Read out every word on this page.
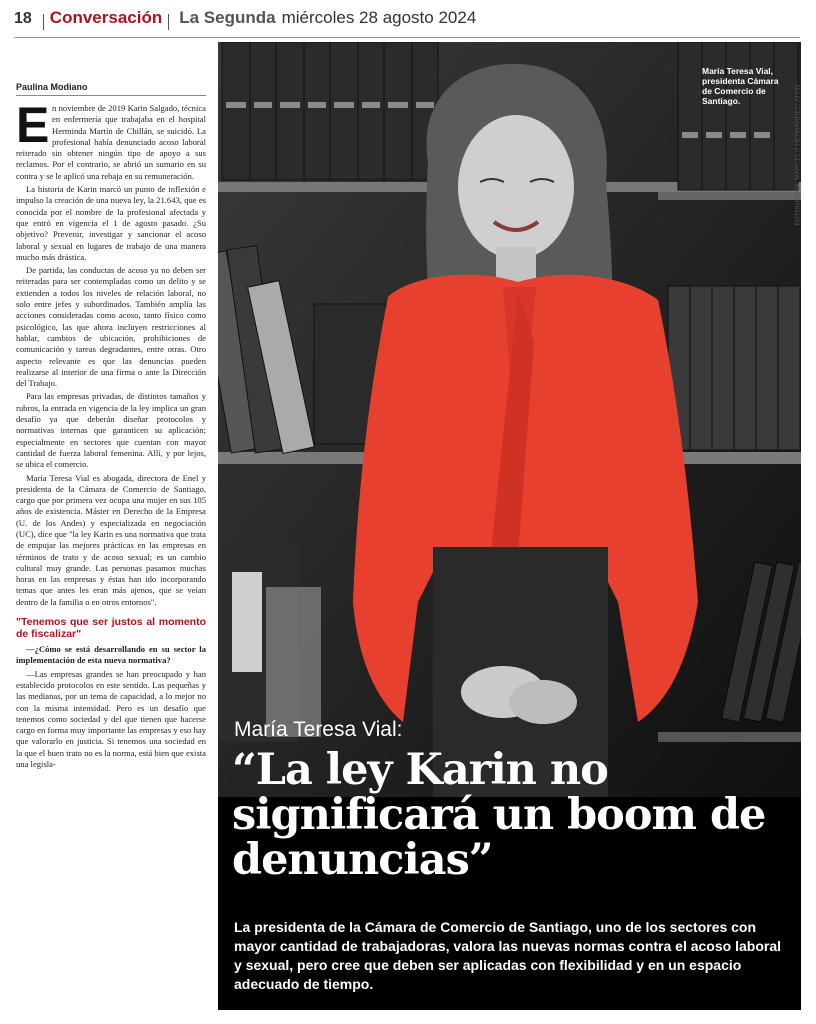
18 Conversación La Segunda miércoles 28 agosto 2024
Paulina Modiano

E n noviembre de 2019 Karin Salgado, técnica en enfermería que trabajaba en el hospital Herminda Martín de Chillán, se suicidó. La profesional había denunciado acoso laboral reiterado sin obtener ningún tipo de apoyo a sus reclamos. Por el contrario, se abrió un sumario en su contra y se le aplicó una rebaja en su remuneración.

La historia de Karin marcó un punto de inflexión e impulso la creación de una nueva ley, la 21.643, que es conocida por el nombre de la profesional afectada y que entró en vigencia el 1 de agosto pasado. ¿Su objetivo? Prevenir, investigar y sancionar el acoso laboral y sexual en lugares de trabajo de una manera mucho más drástica.

De partida, las conductas de acoso ya no deben ser reiteradas para ser contempladas como un delito y se extienden a todos los niveles de relación laboral, no solo entre jefes y subordinados. También amplía las acciones consideradas como acoso, tanto físico como psicológico, las que ahora incluyen restricciones al hablar, cambios de ubicación, prohibiciones de comunicación y tareas degradantes, entre otras. Otro aspecto relevante es que las denuncias pueden realizarse al interior de una firma o ante la Dirección del Trabajo.

Para las empresas privadas, de distintos tamaños y rubros, la entrada en vigencia de la ley implica un gran desafío ya que deberán diseñar protocolos y normativas internas que garanticen su aplicación; especialmente en sectores que cuentan con mayor cantidad de fuerza laboral femenina. Allí, y por lejos, se ubica el comercio.

María Teresa Vial es abogada, directora de Enel y presidenta de la Cámara de Comercio de Santiago, cargo que por primera vez ocupa una mujer en sus 105 años de existencia. Máster en Derecho de la Empresa (U. de los Andes) y especializada en negociación (UC), dice que "la ley Karin es una normativa que trata de empujar las mejores prácticas en las empresas en términos de trato y de acoso sexual; es un cambio cultural muy grande. Las personas pasamos muchas horas en las empresas y éstas han ido incorporando temas que antes les eran más ajenos, que se veían dentro de la familia o en otros entornos".

"Tenemos que ser justos al momento de fiscalizar"

—¿Cómo se está desarrollando en su sector la implementación de esta nueva normativa?

—Las empresas grandes se han preocupado y han establecido protocolos en este sentido. Las pequeñas y las medianas, por un tema de capacidad, a lo mejor no con la misma intensidad. Pero es un desafío que tenemos como sociedad y del que tienen que hacerse cargo en forma muy importante las empresas y eso hay que valorarlo en justicia. Si tenemos una sociedad en la que el buen trato no es la norma, está bien que exista una legisla-

María Teresa Vial, presidenta Cámara de Comercio de Santiago.	FOTOGRAFÍA: MARCELO HERNÁNDEZ/ ATON
María Teresa Vial:
“La ley Karin no significará un boom de denuncias”
La presidenta de la Cámara de Comercio de Santiago, uno de los sectores con mayor cantidad de trabajadoras, valora las nuevas normas contra el acoso laboral y sexual, pero cree que deben ser aplicadas con flexibilidad y en un espacio adecuado de tiempo.
